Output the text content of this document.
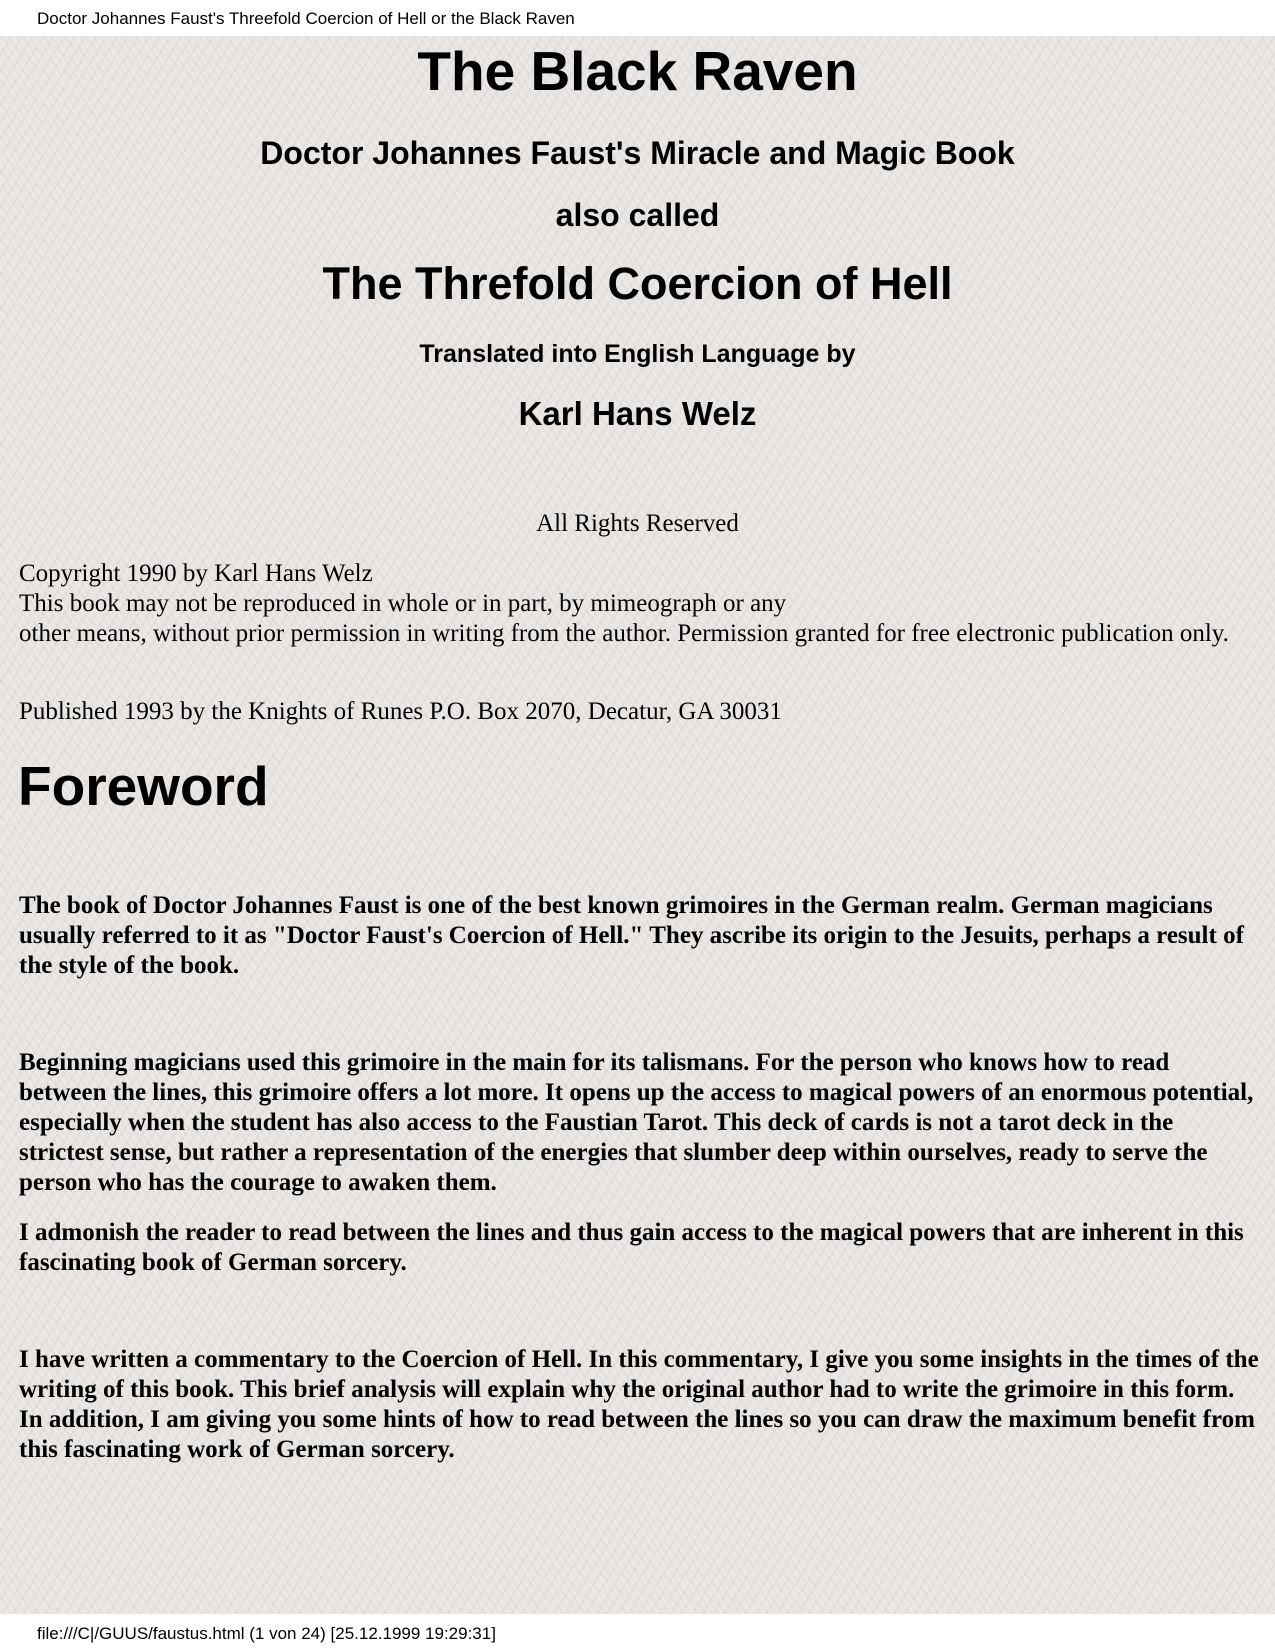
Doctor Johannes Faust's Threefold Coercion of Hell or the Black Raven
The Black Raven
Doctor Johannes Faust's Miracle and Magic Book
also called
The Threfold Coercion of Hell
Translated into English Language by
Karl Hans Welz

All Rights Reserved

Copyright 1990 by Karl Hans Welz
This book may not be reproduced in whole or in part, by mimeograph or any
other means, without prior permission in writing from the author. Permission granted for free electronic publication only.

Published 1993 by the Knights of Runes P.O. Box 2070, Decatur, GA 30031

Foreword

The book of Doctor Johannes Faust is one of the best known grimoires in the German realm. German magicians usually referred to it as "Doctor Faust's Coercion of Hell." They ascribe its origin to the Jesuits, perhaps a result of the style of the book.

Beginning magicians used this grimoire in the main for its talismans. For the person who knows how to read between the lines, this grimoire offers a lot more. It opens up the access to magical powers of an enormous potential, especially when the student has also access to the Faustian Tarot. This deck of cards is not a tarot deck in the strictest sense, but rather a representation of the energies that slumber deep within ourselves, ready to serve the person who has the courage to awaken them.

I admonish the reader to read between the lines and thus gain access to the magical powers that are inherent in this fascinating book of German sorcery.

I have written a commentary to the Coercion of Hell. In this commentary, I give you some insights in the times of the writing of this book. This brief analysis will explain why the original author had to write the grimoire in this form. In addition, I am giving you some hints of how to read between the lines so you can draw the maximum benefit from this fascinating work of German sorcery.

file:///C|/GUUS/faustus.html (1 von 24) [25.12.1999 19:29:31]
